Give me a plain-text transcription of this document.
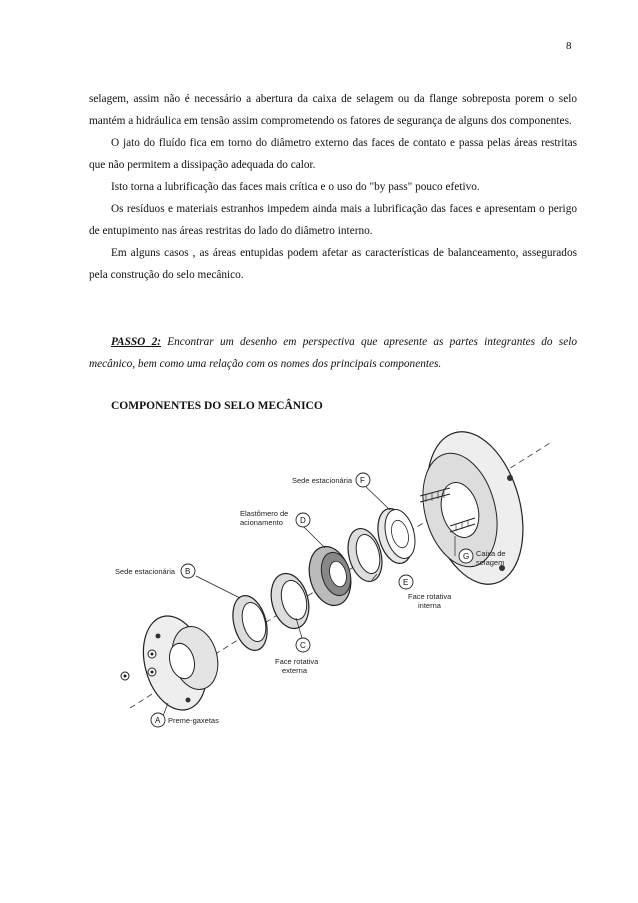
8

selagem, assim não é necessário a abertura da caixa de selagem ou da flange sobreposta porem o selo mantém a hidráulica em tensão assim comprometendo os fatores de segurança de alguns dos componentes.

O jato do fluído fica em torno do diâmetro externo das faces de contato e passa pelas áreas restritas que não permitem a dissipação adequada do calor.

Isto torna a lubrificação das faces mais crítica e o uso do "by pass" pouco efetivo.

Os resíduos e materiais estranhos impedem ainda mais a lubrificação das faces e apresentam o perigo de entupimento nas áreas restritas do lado do diâmetro interno.

Em alguns casos , as áreas entupidas podem afetar as características de balanceamento, assegurados pela construção do selo mecânico.

PASSO 2: Encontrar um desenho em perspectiva que apresente as partes integrantes do selo mecânico, bem como uma relação com os nomes dos principais componentes.
COMPONENTES DO SELO MECÂNICO
F
D
B
G
E
C
A
Sede estacionária
Elastômero de
acionamento
Sede estacionária
Caixa de
selagem
Face rotativa
interna
Face rotativa
externa
Preme-gaxetas
